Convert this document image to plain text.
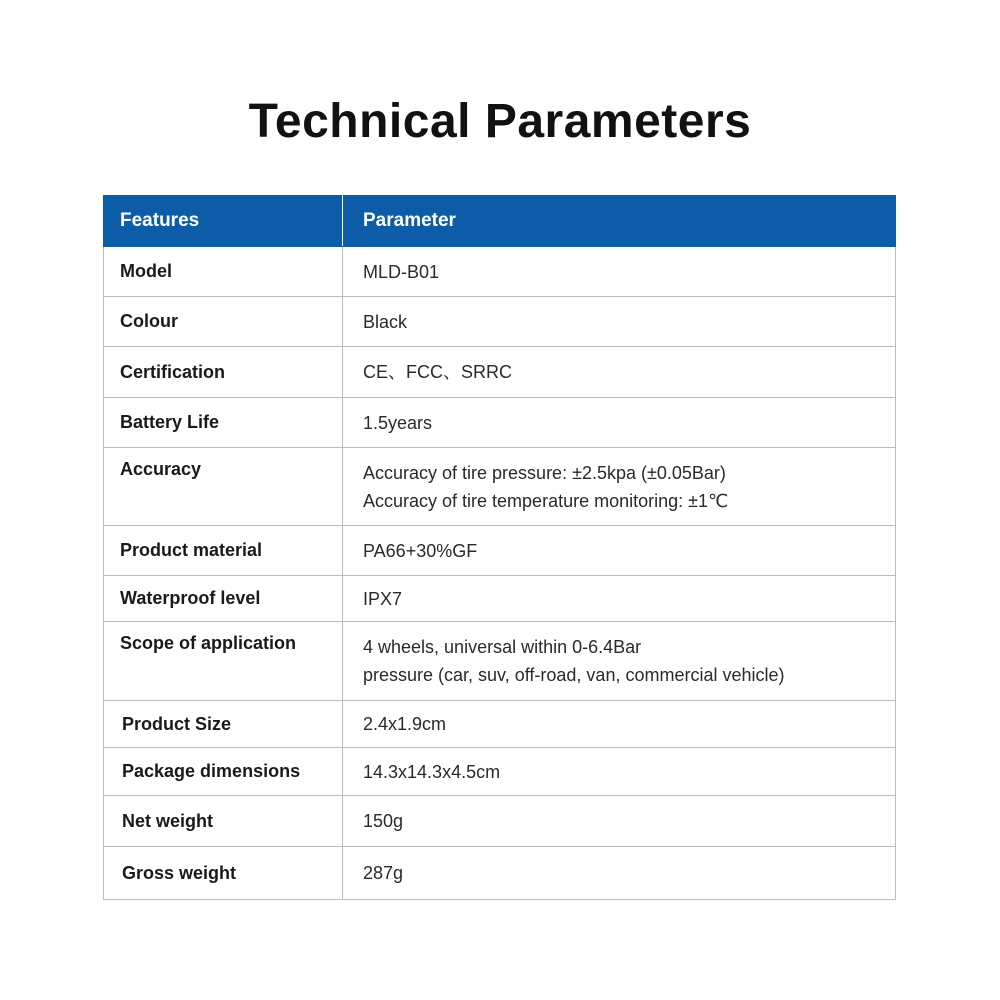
Technical Parameters
Features	Parameter

Model	MLD-B01

Colour	Black

Certification	CE、FCC、SRRC

Battery Life	1.5years

Accuracy	Accuracy of tire pressure: ±2.5kpa (±0.05Bar)
Accuracy of tire temperature monitoring: ±1℃

Product material	PA66+30%GF

Waterproof level	IPX7

Scope of application	4 wheels, universal within 0-6.4Bar
pressure (car, suv, off-road, van, commercial vehicle)

Product Size	2.4x1.9cm

Package dimensions	14.3x14.3x4.5cm

Net weight	150g

Gross weight	287g
